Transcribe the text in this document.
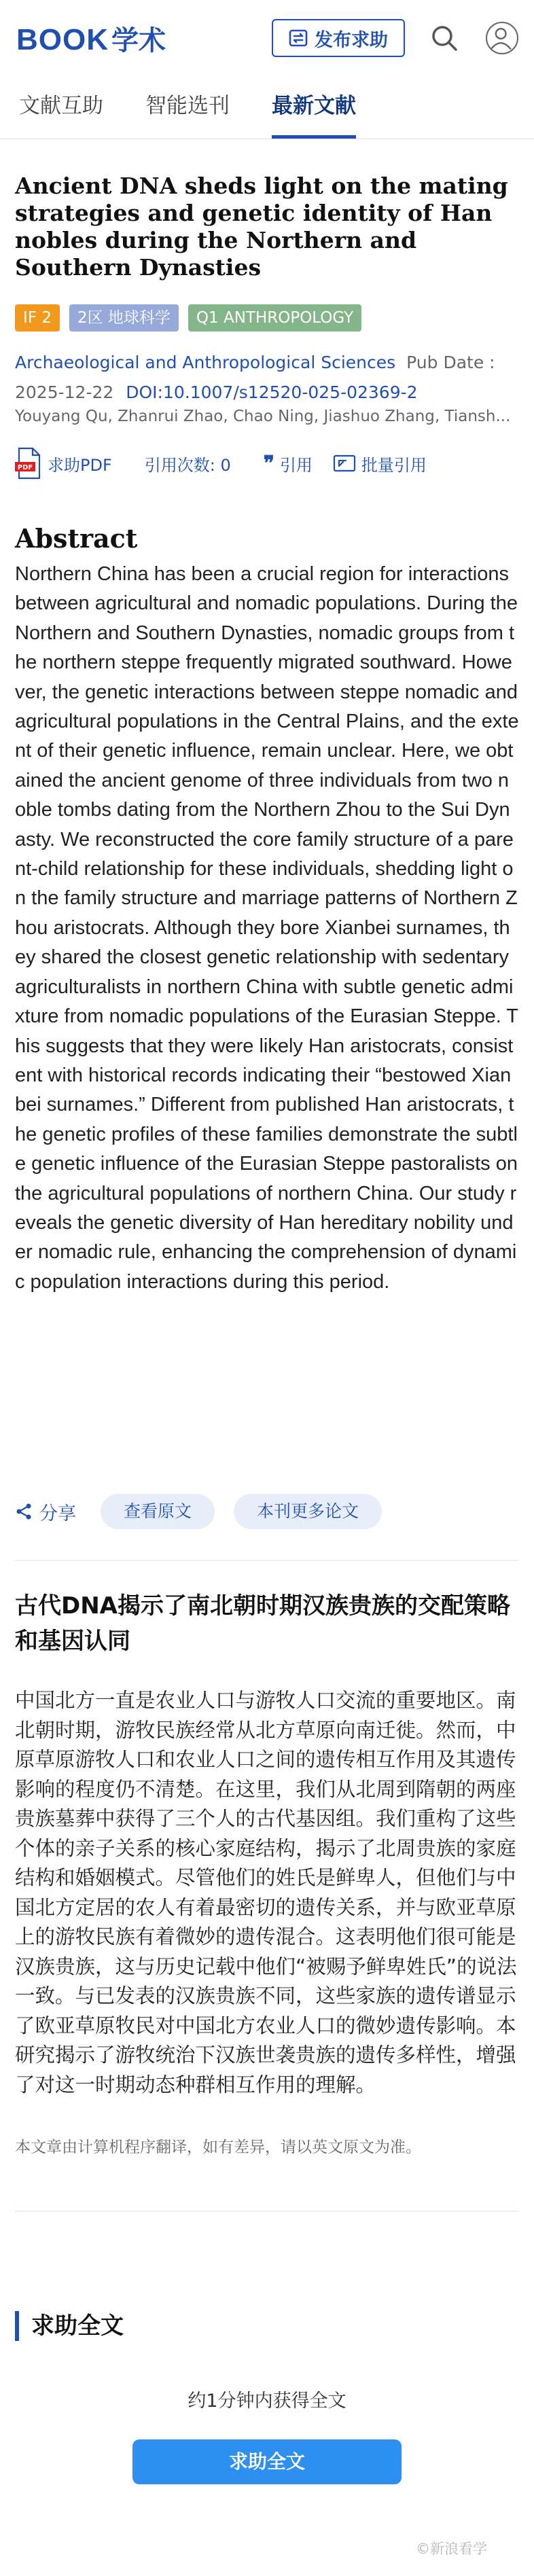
BOOK 学术	发布求助
文献互助 智能选刊 最新文献
Ancient DNA sheds light on the mating strategies and genetic identity of Han nobles during the Northern and Southern Dynasties
IF 2	2区 地球科学	Q1 ANTHROPOLOGY
Archaeological and Anthropological Sciences Pub Date :
2025-12-22 DOI:10.1007/s12520-025-02369-2
Youyang Qu, Zhanrui Zhao, Chao Ning, Jiashuo Zhang, Tiansh...
PDF 求助PDF 引用次数: 0 ❞ 引用	批量引用
Abstract
Northern China has been a crucial region for interactions between agricultural and nomadic populations. During the Northern and Southern Dynasties, nomadic groups from the northern steppe frequently migrated southward. However, the genetic interactions between steppe nomadic and agricultural populations in the Central Plains, and the extent of their genetic influence, remain unclear. Here, we obtained the ancient genome of three individuals from two noble tombs dating from the Northern Zhou to the Sui Dynasty. We reconstructed the core family structure of a parent-child relationship for these individuals, shedding light on the family structure and marriage patterns of Northern Zhou aristocrats. Although they bore Xianbei surnames, they shared the closest genetic relationship with sedentary agriculturalists in northern China with subtle genetic admixture from nomadic populations of the Eurasian Steppe. This suggests that they were likely Han aristocrats, consistent with historical records indicating their “bestowed Xianbei surnames.” Different from published Han aristocrats, the genetic profiles of these families demonstrate the subtle genetic influence of the Eurasian Steppe pastoralists on the agricultural populations of northern China. Our study reveals the genetic diversity of Han hereditary nobility under nomadic rule, enhancing the comprehension of dynamic population interactions during this period.
分享	查看原文	本刊更多论文
古代DNA揭示了南北朝时期汉族贵族的交配策略和基因认同
中国北方一直是农业人口与游牧人口交流的重要地区。南北朝时期，游牧民族经常从北方草原向南迁徙。然而，中原草原游牧人口和农业人口之间的遗传相互作用及其遗传影响的程度仍不清楚。在这里，我们从北周到隋朝的两座贵族墓葬中获得了三个人的古代基因组。我们重构了这些个体的亲子关系的核心家庭结构，揭示了北周贵族的家庭结构和婚姻模式。尽管他们的姓氏是鲜卑人，但他们与中国北方定居的农人有着最密切的遗传关系，并与欧亚草原上的游牧民族有着微妙的遗传混合。这表明他们很可能是汉族贵族，这与历史记载中他们“被赐予鲜卑姓氏”的说法一致。与已发表的汉族贵族不同，这些家族的遗传谱显示了欧亚草原牧民对中国北方农业人口的微妙遗传影响。本研究揭示了游牧统治下汉族世袭贵族的遗传多样性，增强了对这一时期动态种群相互作用的理解。
本文章由计算机程序翻译，如有差异，请以英文原文为准。
求助全文
约1分钟内获得全文
求助全文
©新浪看学
